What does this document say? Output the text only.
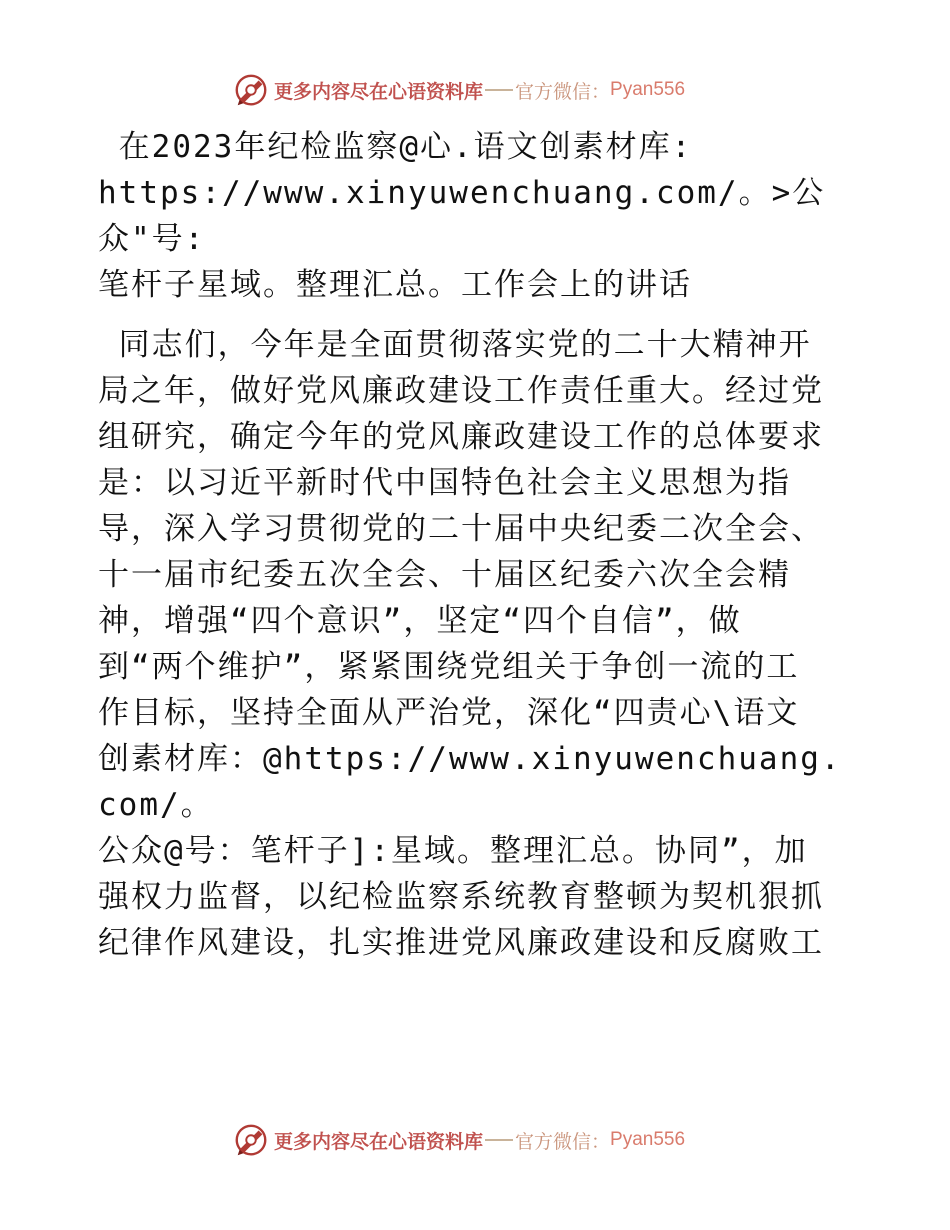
更多内容尽在心语资料库 官方微信： Pyan556

在2023年纪检监察@心.语文创素材库:
https://www.xinyuwenchuang.com/。>公众"号:
笔杆子星域。整理汇总。工作会上的讲话

同志们，今年是全面贯彻落实党的二十大精神开
局之年，做好党风廉政建设工作责任重大。经过党
组研究，确定今年的党风廉政建设工作的总体要求
是：以习近平新时代中国特色社会主义思想为指
导，深入学习贯彻党的二十届中央纪委二次全会、
十一届市纪委五次全会、十届区纪委六次全会精
神，增强“四个意识”，坚定“四个自信”，做
到“两个维护”，紧紧围绕党组关于争创一流的工
作目标，坚持全面从严治党，深化“四责心\语文
创素材库：@https://www.xinyuwenchuang.com/。
公众@号：笔杆子]:星域。整理汇总。协同”，加
强权力监督，以纪检监察系统教育整顿为契机狠抓
纪律作风建设，扎实推进党风廉政建设和反腐败工

更多内容尽在心语资料库 官方微信： Pyan556
